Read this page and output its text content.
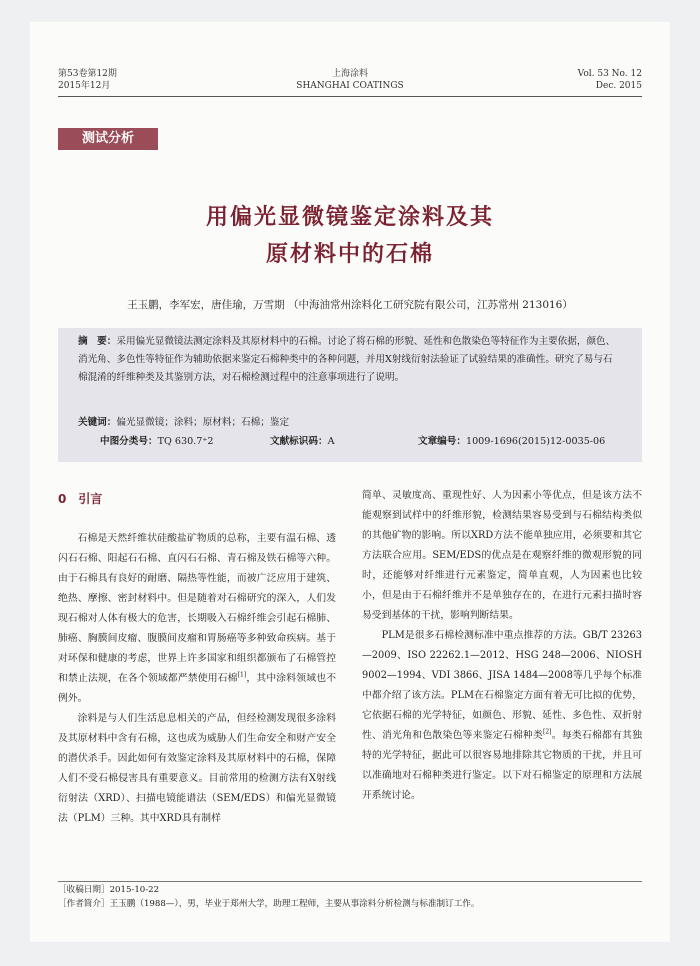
第53卷第12期
2015年12月
上海涂料
SHANGHAI COATINGS
Vol. 53 No. 12
Dec. 2015
测试分析
用偏光显微镜鉴定涂料及其
原材料中的石棉
王玉鹏，李军宏，唐佳瑜，万雪期 （中海油常州涂料化工研究院有限公司，江苏常州 213016）
摘　要：采用偏光显微镜法测定涂料及其原材料中的石棉。讨论了将石棉的形貌、延性和色散染色等特征作为主要依据，颜色、消光角、多色性等特征作为辅助依据来鉴定石棉种类中的各种问题，并用X射线衍射法验证了试验结果的准确性。研究了易与石棉混淆的纤维种类及其鉴别方法，对石棉检测过程中的注意事项进行了说明。
关键词：偏光显微镜；涂料；原材料；石棉；鉴定
中图分类号：TQ 630.7⁺2	文献标识码：A	文章编号：1009-1696(2015)12-0035-06
0　引言

石棉是天然纤维状硅酸盐矿物质的总称，主要有温石棉、透闪石石棉、阳起石石棉、直闪石石棉、青石棉及铁石棉等六种。由于石棉具有良好的耐磨、隔热等性能，而被广泛应用于建筑、绝热、摩擦、密封材料中。但是随着对石棉研究的深入，人们发现石棉对人体有极大的危害，长期吸入石棉纤维会引起石棉肺、肺癌、胸膜间皮瘤、腹膜间皮瘤和胃肠癌等多种致命疾病。基于对环保和健康的考虑，世界上许多国家和组织都颁布了石棉管控和禁止法规，在各个领域都严禁使用石棉[1]，其中涂料领域也不例外。

涂料是与人们生活息息相关的产品，但经检测发现很多涂料及其原材料中含有石棉，这也成为威胁人们生命安全和财产安全的潜伏杀手。因此如何有效鉴定涂料及其原材料中的石棉，保障人们不受石棉侵害具有重要意义。目前常用的检测方法有X射线衍射法（XRD）、扫描电镜能谱法（SEM/EDS）和偏光显微镜法（PLM）三种。其中XRD具有制样

简单、灵敏度高、重现性好、人为因素小等优点，但是该方法不能观察到试样中的纤维形貌，检测结果容易受到与石棉结构类似的其他矿物的影响。所以XRD方法不能单独应用，必须要和其它方法联合应用。SEM/EDS的优点是在观察纤维的微观形貌的同时，还能够对纤维进行元素鉴定，简单直观，人为因素也比较小，但是由于石棉纤维并不是单独存在的，在进行元素扫描时容易受到基体的干扰，影响判断结果。

PLM是很多石棉检测标准中重点推荐的方法。GB/T 23263—2009、ISO 22262.1—2012、HSG 248—2006、NIOSH 9002—1994、VDI 3866、JISA 1484—2008等几乎每个标准中都介绍了该方法。PLM在石棉鉴定方面有着无可比拟的优势，它依据石棉的光学特征，如颜色、形貌、延性、多色性、双折射性、消光角和色散染色等来鉴定石棉种类[2]。每类石棉都有其独特的光学特征，据此可以很容易地排除其它物质的干扰，并且可以准确地对石棉种类进行鉴定。以下对石棉鉴定的原理和方法展开系统讨论。

［收稿日期］2015-10-22
［作者简介］王玉鹏（1988—），男，毕业于郑州大学，助理工程师，主要从事涂料分析检测与标准制订工作。
